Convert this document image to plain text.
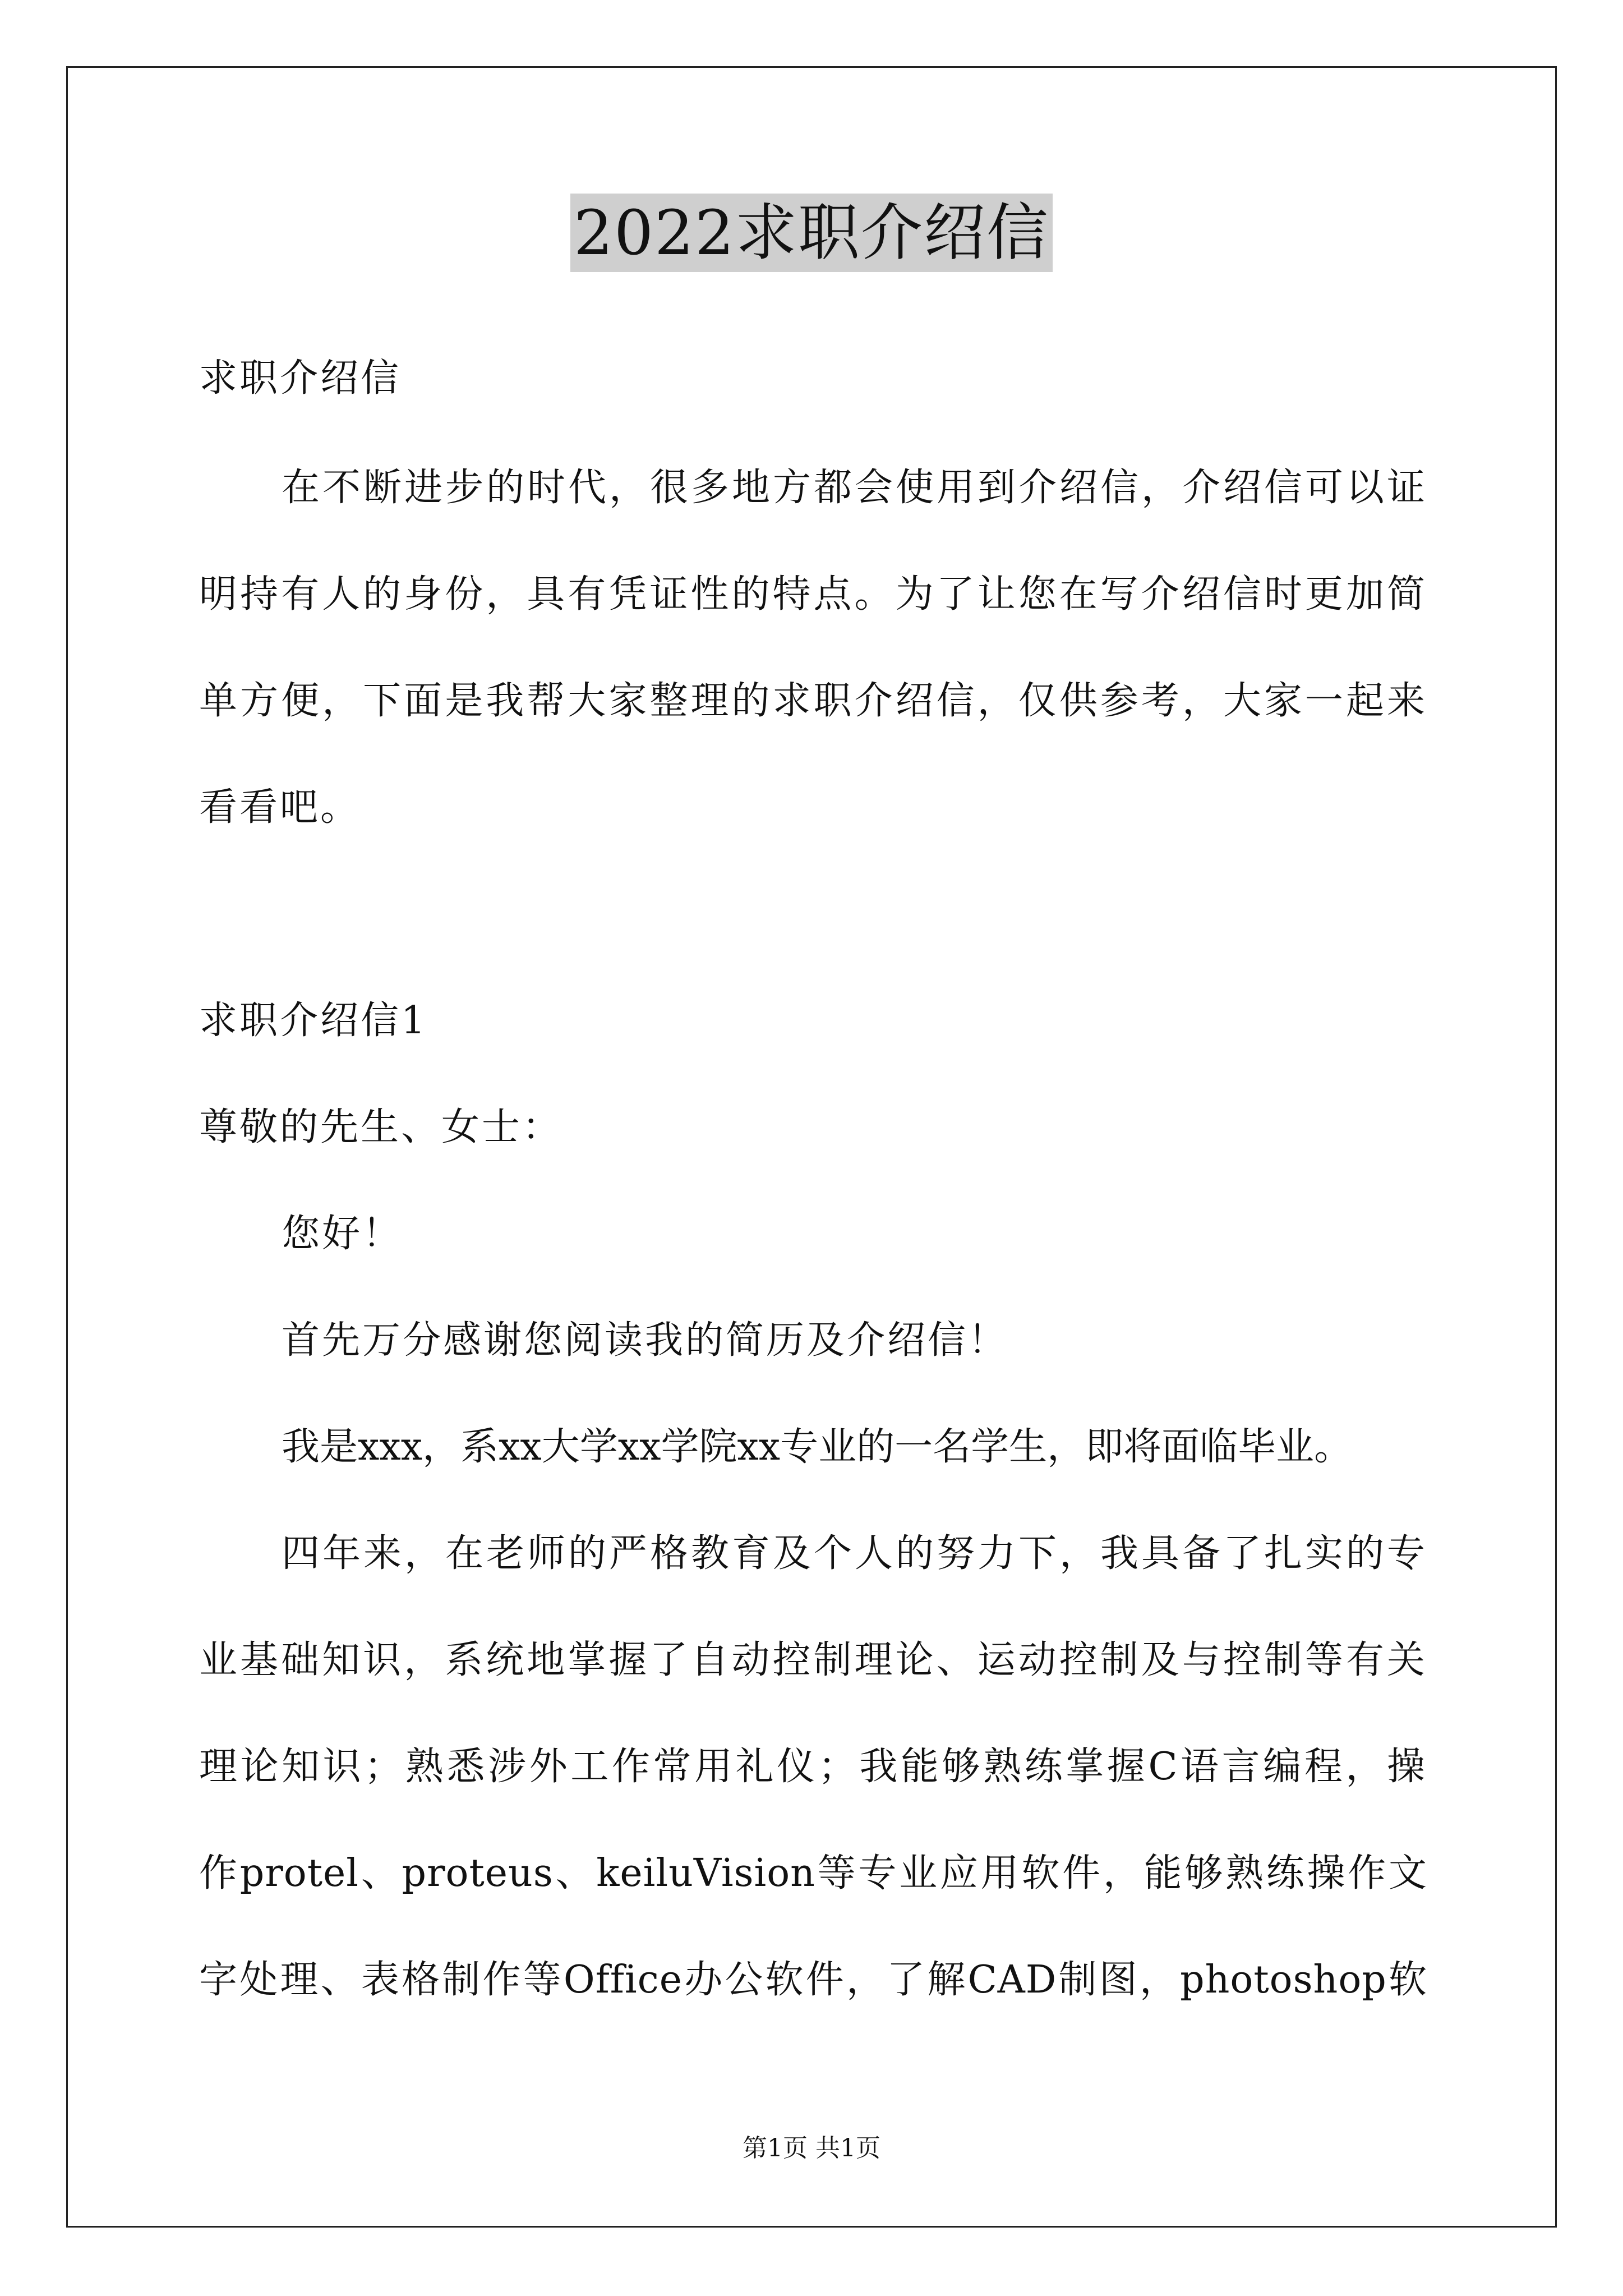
2022求职介绍信
求职介绍信
在不断进步的时代，很多地方都会使用到介绍信，介绍信可以证
明持有人的身份，具有凭证性的特点。为了让您在写介绍信时更加简
单方便，下面是我帮大家整理的求职介绍信，仅供参考，大家一起来
看看吧。
求职介绍信1
尊敬的先生、女士：
您好！
首先万分感谢您阅读我的简历及介绍信！
我是xxx，系xx大学xx学院xx专业的一名学生，即将面临毕业。
四年来，在老师的严格教育及个人的努力下，我具备了扎实的专
业基础知识，系统地掌握了自动控制理论、运动控制及与控制等有关
理论知识；熟悉涉外工作常用礼仪；我能够熟练掌握C语言编程，操
作protel、proteus、keiluVision等专业应用软件，能够熟练操作文
字处理、表格制作等Office办公软件，了解CAD制图，photoshop软
第1页 共1页
